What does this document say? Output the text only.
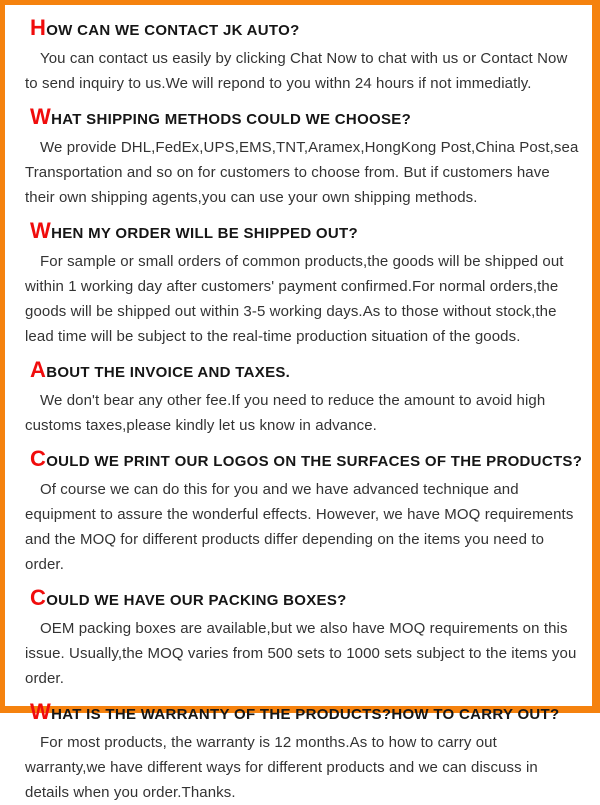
HOW CAN WE CONTACT JK AUTO?

You can contact us easily by clicking Chat Now to chat with us or Contact Now to send inquiry to us.We will repond to you withn 24 hours if not immediatly.

WHAT SHIPPING METHODS COULD WE CHOOSE?

We provide DHL,FedEx,UPS,EMS,TNT,Aramex,HongKong Post,China Post,sea Transportation and so on for customers to choose from. But if customers have their own shipping agents,you can use your own shipping methods.

WHEN MY ORDER WILL BE SHIPPED OUT?

For sample or small orders of common products,the goods will be shipped out within 1 working day after customers' payment confirmed.For normal orders,the goods will be shipped out within 3-5 working days.As to those without stock,the lead time will be subject to the real-time production situation of the goods.

ABOUT THE INVOICE AND TAXES.

We don't bear any other fee.If you need to reduce the amount to avoid high customs taxes,please kindly let us know in advance.

COULD WE PRINT OUR LOGOS ON THE SURFACES OF THE PRODUCTS?

Of course we can do this for you and we have advanced technique and equipment to assure the wonderful effects. However, we have MOQ requirements and the MOQ for different products differ depending on the items you need to order.

COULD WE HAVE OUR PACKING BOXES?

OEM packing boxes are available,but we also have MOQ requirements on this issue. Usually,the MOQ varies from 500 sets to 1000 sets subject to the items you order.

WHAT IS THE WARRANTY OF THE PRODUCTS?HOW TO CARRY OUT?

For most products, the warranty is 12 months.As to how to carry out warranty,we have different ways for different products and we can discuss in details when you order.Thanks.
